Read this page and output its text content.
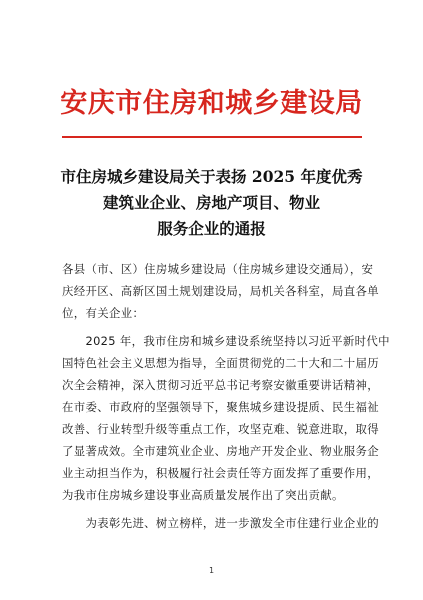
安庆市住房和城乡建设局
市住房城乡建设局关于表扬 2025 年度优秀
建筑业企业、房地产项目、物业
服务企业的通报
各县（市、区）住房城乡建设局（住房城乡建设交通局），安
庆经开区、高新区国土规划建设局，局机关各科室，局直各单
位，有关企业：
　　2025 年，我市住房和城乡建设系统坚持以习近平新时代中
国特色社会主义思想为指导，全面贯彻党的二十大和二十届历
次全会精神，深入贯彻习近平总书记考察安徽重要讲话精神，
在市委、市政府的坚强领导下，聚焦城乡建设提质、民生福祉
改善、行业转型升级等重点工作，攻坚克难、锐意进取，取得
了显著成效。全市建筑业企业、房地产开发企业、物业服务企
业主动担当作为，积极履行社会责任等方面发挥了重要作用，
为我市住房城乡建设事业高质量发展作出了突出贡献。
　　为表彰先进、树立榜样，进一步激发全市住建行业企业的
1
